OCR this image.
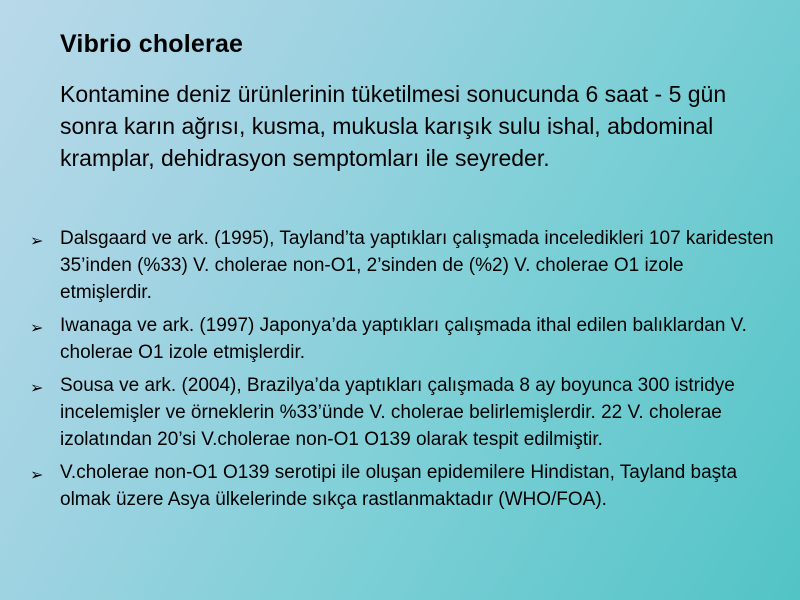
Vibrio cholerae
Kontamine deniz ürünlerinin tüketilmesi sonucunda 6 saat - 5 gün sonra karın ağrısı, kusma, mukusla karışık sulu ishal, abdominal kramplar, dehidrasyon semptomları ile seyreder.
➢ Dalsgaard ve ark. (1995), Tayland’ta yaptıkları çalışmada inceledikleri 107 karidesten 35’inden (%33) V. cholerae non-O1, 2’sinden de (%2) V. cholerae O1 izole etmişlerdir.
➢ Iwanaga ve ark. (1997) Japonya’da yaptıkları çalışmada ithal edilen balıklardan V. cholerae O1 izole etmişlerdir.
➢ Sousa ve ark. (2004), Brazilya’da yaptıkları çalışmada 8 ay boyunca 300 istridye incelemişler ve örneklerin %33’ünde V. cholerae belirlemişlerdir. 22 V. cholerae izolatından 20’si V.cholerae non-O1 O139 olarak tespit edilmiştir.
➢ V.cholerae non-O1 O139 serotipi ile oluşan epidemilere Hindistan, Tayland başta olmak üzere Asya ülkelerinde sıkça rastlanmaktadır (WHO/FOA).
